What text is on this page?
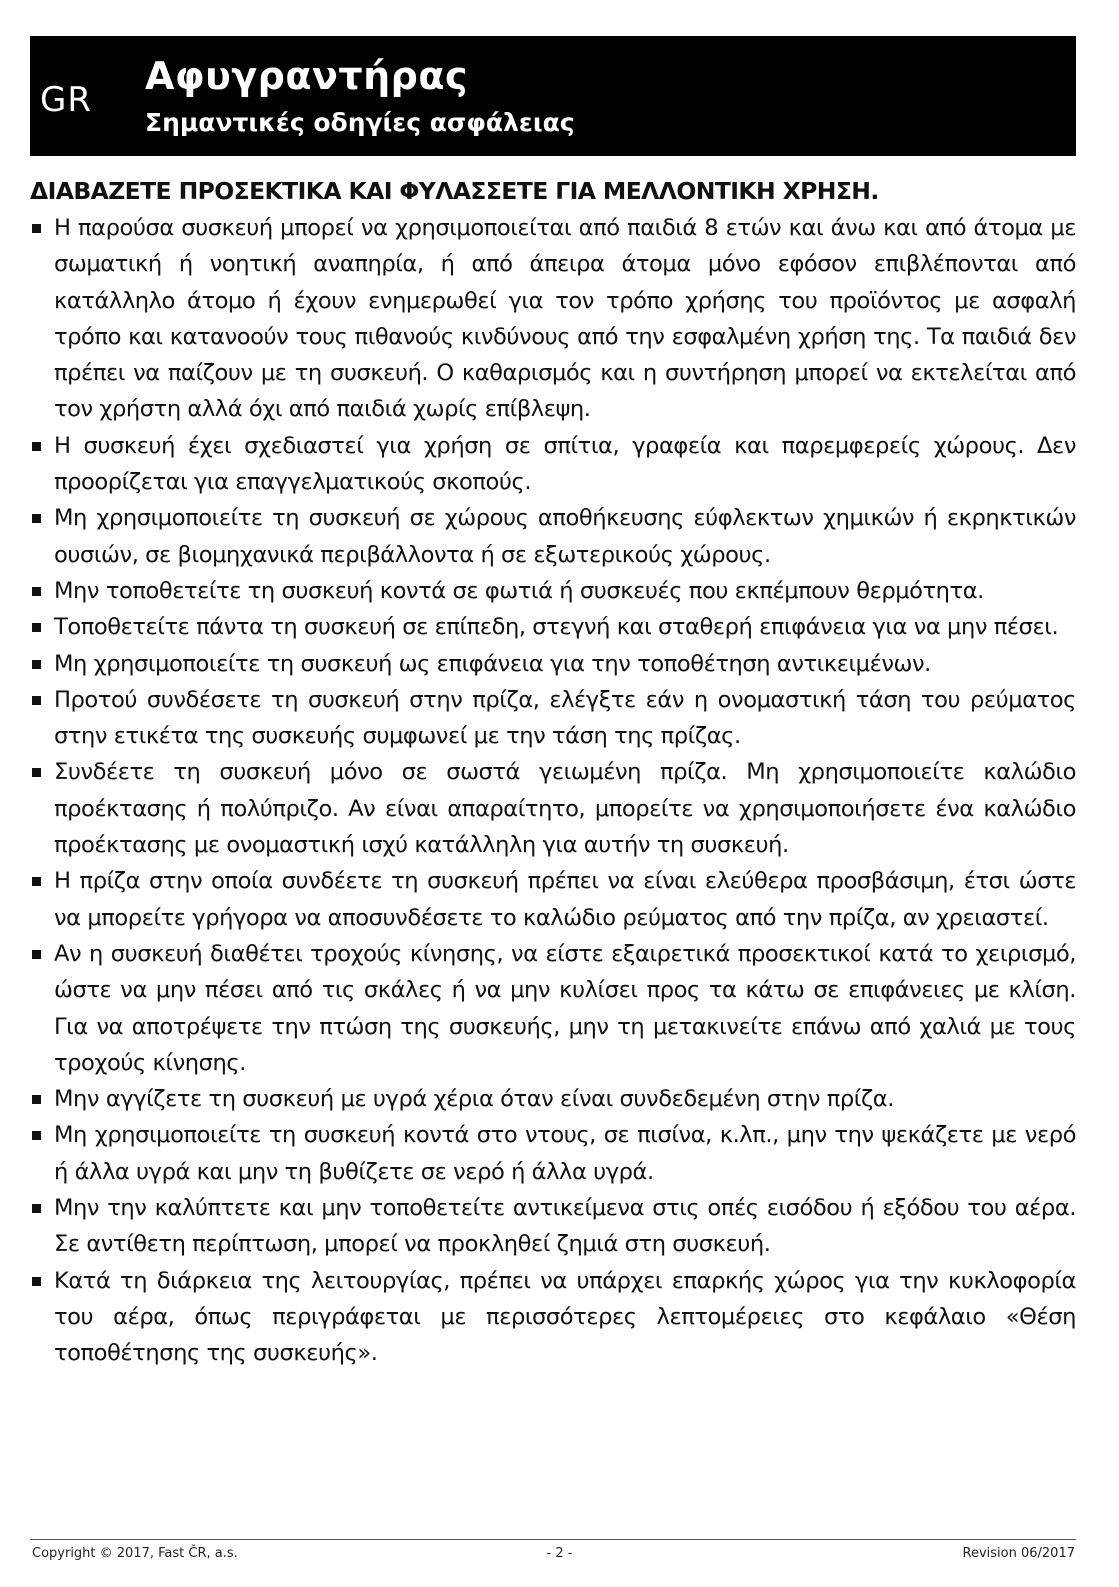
GR
Αφυγραντήρας
Σημαντικές οδηγίες ασφάλειας
ΔΙΑΒΑΖΕΤΕ ΠΡΟΣΕΚΤΙΚΑ ΚΑΙ ΦΥΛΑΣΣΕΤΕ ΓΙΑ ΜΕΛΛΟΝΤΙΚΗ ΧΡΗΣΗ.
Η παρούσα συσκευή μπορεί να χρησιμοποιείται από παιδιά 8 ετών και άνω και από άτομα με σωματική ή νοητική αναπηρία, ή από άπειρα άτομα μόνο εφόσον επιβλέπονται από κατάλληλο άτομο ή έχουν ενημερωθεί για τον τρόπο χρήσης του προϊόντος με ασφαλή τρόπο και κατανοούν τους πιθανούς κινδύνους από την εσφαλμένη χρήση της. Τα παιδιά δεν πρέπει να παίζουν με τη συσκευή. Ο καθαρισμός και η συντήρηση μπορεί να εκτελείται από τον χρήστη αλλά όχι από παιδιά χωρίς επίβλεψη.
Η συσκευή έχει σχεδιαστεί για χρήση σε σπίτια, γραφεία και παρεμφερείς χώρους. Δεν προορίζεται για επαγγελματικούς σκοπούς.
Μη χρησιμοποιείτε τη συσκευή σε χώρους αποθήκευσης εύφλεκτων χημικών ή εκρηκτικών ουσιών, σε βιομηχανικά περιβάλλοντα ή σε εξωτερικούς χώρους.
Μην τοποθετείτε τη συσκευή κοντά σε φωτιά ή συσκευές που εκπέμπουν θερμότητα.
Τοποθετείτε πάντα τη συσκευή σε επίπεδη, στεγνή και σταθερή επιφάνεια για να μην πέσει.
Μη χρησιμοποιείτε τη συσκευή ως επιφάνεια για την τοποθέτηση αντικειμένων.
Προτού συνδέσετε τη συσκευή στην πρίζα, ελέγξτε εάν η ονομαστική τάση του ρεύματος στην ετικέτα της συσκευής συμφωνεί με την τάση της πρίζας.
Συνδέετε τη συσκευή μόνο σε σωστά γειωμένη πρίζα. Μη χρησιμοποιείτε καλώδιο προέκτασης ή πολύπριζο. Αν είναι απαραίτητο, μπορείτε να χρησιμοποιήσετε ένα καλώδιο προέκτασης με ονομαστική ισχύ κατάλληλη για αυτήν τη συσκευή.
Η πρίζα στην οποία συνδέετε τη συσκευή πρέπει να είναι ελεύθερα προσβάσιμη, έτσι ώστε να μπορείτε γρήγορα να αποσυνδέσετε το καλώδιο ρεύματος από την πρίζα, αν χρειαστεί.
Αν η συσκευή διαθέτει τροχούς κίνησης, να είστε εξαιρετικά προσεκτικοί κατά το χειρισμό, ώστε να μην πέσει από τις σκάλες ή να μην κυλίσει προς τα κάτω σε επιφάνειες με κλίση. Για να αποτρέψετε την πτώση της συσκευής, μην τη μετακινείτε επάνω από χαλιά με τους τροχούς κίνησης.
Μην αγγίζετε τη συσκευή με υγρά χέρια όταν είναι συνδεδεμένη στην πρίζα.
Μη χρησιμοποιείτε τη συσκευή κοντά στο ντους, σε πισίνα, κ.λπ., μην την ψεκάζετε με νερό ή άλλα υγρά και μην τη βυθίζετε σε νερό ή άλλα υγρά.
Μην την καλύπτετε και μην τοποθετείτε αντικείμενα στις οπές εισόδου ή εξόδου του αέρα. Σε αντίθετη περίπτωση, μπορεί να προκληθεί ζημιά στη συσκευή.
Κατά τη διάρκεια της λειτουργίας, πρέπει να υπάρχει επαρκής χώρος για την κυκλοφορία του αέρα, όπως περιγράφεται με περισσότερες λεπτομέρειες στο κεφάλαιο «Θέση τοποθέτησης της συσκευής».
Copyright © 2017, Fast ČR, a.s.	- 2 -	Revision 06/2017
